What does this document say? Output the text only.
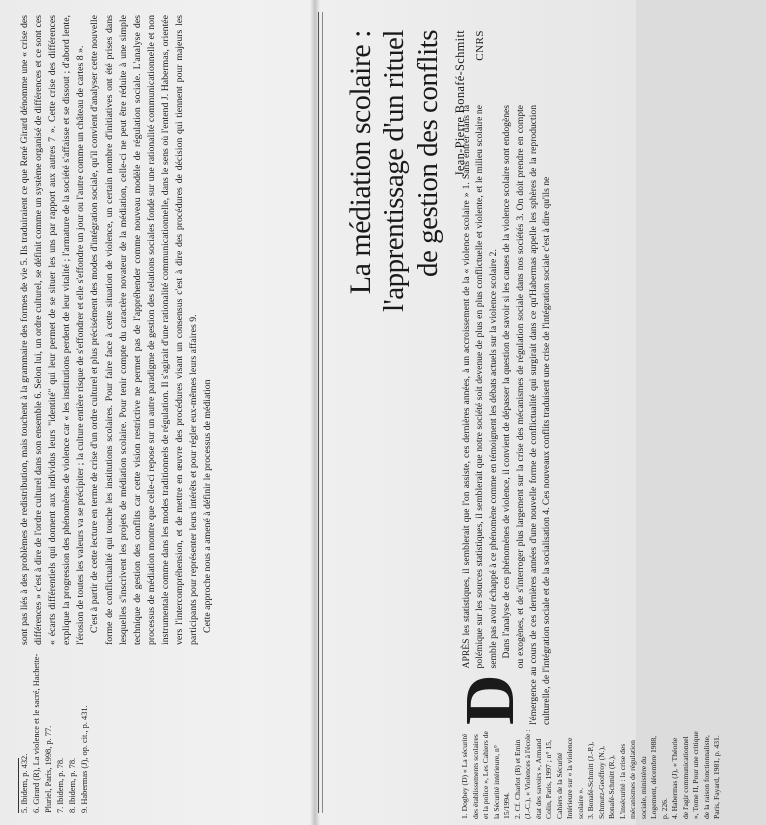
sont pas liés à des problèmes de redistribution, mais touchent à la grammaire des formes de vie 5. Ils traduiraient ce que René Girard dénomme une « crise des différences » c'est à dire de l'ordre culturel dans son ensemble 6. Selon lui, un ordre culturel, se définit comme un système organisé de différences et ce sont ces « écarts différentiels qui donnent aux individus leurs "identité" qui leur permet de se situer les uns par rapport aux autres 7 ». Cette crise des différences explique la progression des phénomènes de violence car « les institutions perdent de leur vitalité ; l'armature de la société s'affaisse et se dissout ; d'abord lente, l'érosion de toutes les valeurs va se précipiter ; la culture entière risque de s'effondrer et elle s'effondre un jour ou l'autre comme un château de cartes 8 ». C'est à partir de cette lecture en terme de crise d'un ordre culturel et plus précisément des modes d'intégration sociale, qu'il convient d'analyser cette nouvelle forme de conflictualité qui touche les institutions scolaires. Pour faire face à cette situation de violence, un certain nombre d'initiatives ont été prises dans lesquelles s'inscrivent les projets de médiation scolaire. Pour tenir compte du caractère novateur de la médiation, celle-ci ne peut être réduite à une simple technique de gestion des conflits car cette vision restrictive ne permet pas de l'appréhender comme nouveau modèle de régulation sociale. L'analyse des processus de médiation montre que celle-ci repose sur un autre paradigme de gestion des relations sociales fondé sur une rationalité communicationnelle et non instrumentale comme dans les modes traditionnels de régulation. Il s'agirait d'une rationalité communicationnelle, dans le sens où l'entend J. Habermas, orientée vers l'intercompréhension, et de mettre en œuvre des procédures visant un consensus c'est à dire des procédures de décision qui tiennent pour majeurs les participants pour représenter leurs intérêts et pour régler eux-mêmes leurs affaires 9. Cette approche nous a amené à définir le processus de médiation

5. Ibidem, p. 432. 6. Girard (R), La violence et le sacré, Hachette-Pluriel, Paris, 1998, p. 77. 7. Ibidem, p. 78. 8. Ibidem, p. 78. 9. Habermas (J), op. cit., p. 431.
La médiation scolaire : l'apprentissage d'un rituel de gestion des conflits Jean-Pierre Bonafé-Schmitt CNRS
D

APRÈS les statistiques, il semblerait que l'on assiste, ces dernières années, à un accroissement de la « violence scolaire » 1. Sans entrer dans la polémique sur les sources statistiques, il semblerait que notre société soit devenue de plus en plus conflictuelle et violente, et le milieu scolaire ne semble pas avoir échappé à ce phénomène comme en témoignent les débats actuels sur la violence scolaire 2. Dans l'analyse de ces phénomènes de violence, il convient de dépasser la question de savoir si les causes de la violence scolaire sont endogènes ou exogènes, et de s'interroger plus largement sur la crise des mécanismes de régulation sociale dans nos sociétés 3. On doit prendre en compte l'émergence au cours de ces dernières années d'une nouvelle forme de conflictualité qui surgirait dans ce qu'Habermas appelle les sphères de la reproduction culturelle, de l'intégration sociale et de la socialisation 4. Ces nouveaux conflits traduisent une crise de l'intégration sociale c'est à dire qu'ils ne

1. Dogbey (D) « La sécurité des établissements scolaires et la police », Les Cahiers de la Sécurité intérieure, n° 15/1994. 2. Cf. Charlot (B) et Emin (J.-C.), « Violences à l'école : état des savoirs », Armand Colin, Paris, 1997 ; n° 15, Cahiers de la Sécurité Intérieure sur « la violence scolaire ». 3. Bonafé-Schmitt (J.-P.), Schmutz-Geoffroy (N.), Bonafé-Schmitt (R.), L'insécurité : la crise des mécanismes de régulation sociale, ministère du Logement, décembre 1988, p. 226. 4. Habermas (J), « Théorie de l'agir communicationnel », Tome II, Pour une critique de la raison fonctionnaliste, Paris, Fayard, 1981, p. 431.
